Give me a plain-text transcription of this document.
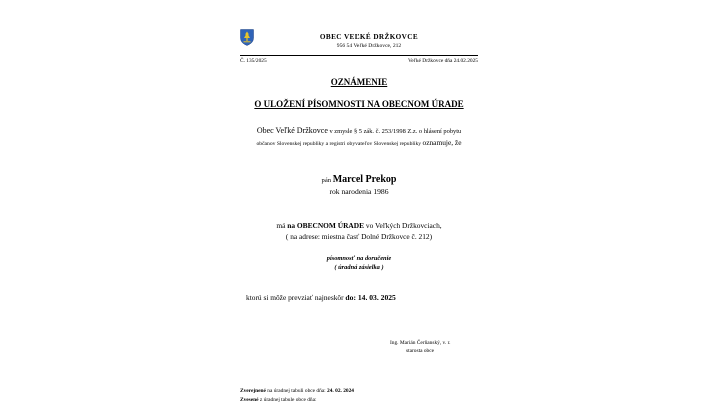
OBEC VEĽKÉ DRŽKOVCE
956 54 Veľké Držkovce, 212
Č. 135/2025	Veľké Držkovce dňa 24.02.2025
OZNÁMENIE
O ULOŽENÍ PÍSOMNOSTI NA OBECNOM ÚRADE
Obec Veľké Držkovce v zmysle § 5 zák. č. 253/1998 Z.z. o hlásení pobytu
občanov Slovenskej republiky a registri obyvateľov Slovenskej republiky oznamuje, že
pán Marcel Prekop
rok narodenia 1986
má na OBECNOM ÚRADE vo Veľkých Držkovciach,
( na adrese: miestna časť Dolné Držkovce č. 212)
písomnosť na doručenie
( úradná zásielka )
ktorú si môže prevziať najneskôr do: 14. 03. 2025
Ing. Marián Čerňanský, v. r.
starosta obce
Zverejnené na úradnej tabuli obce dňa: 24. 02. 2024
Zvesené z úradnej tabule obce dňa:
